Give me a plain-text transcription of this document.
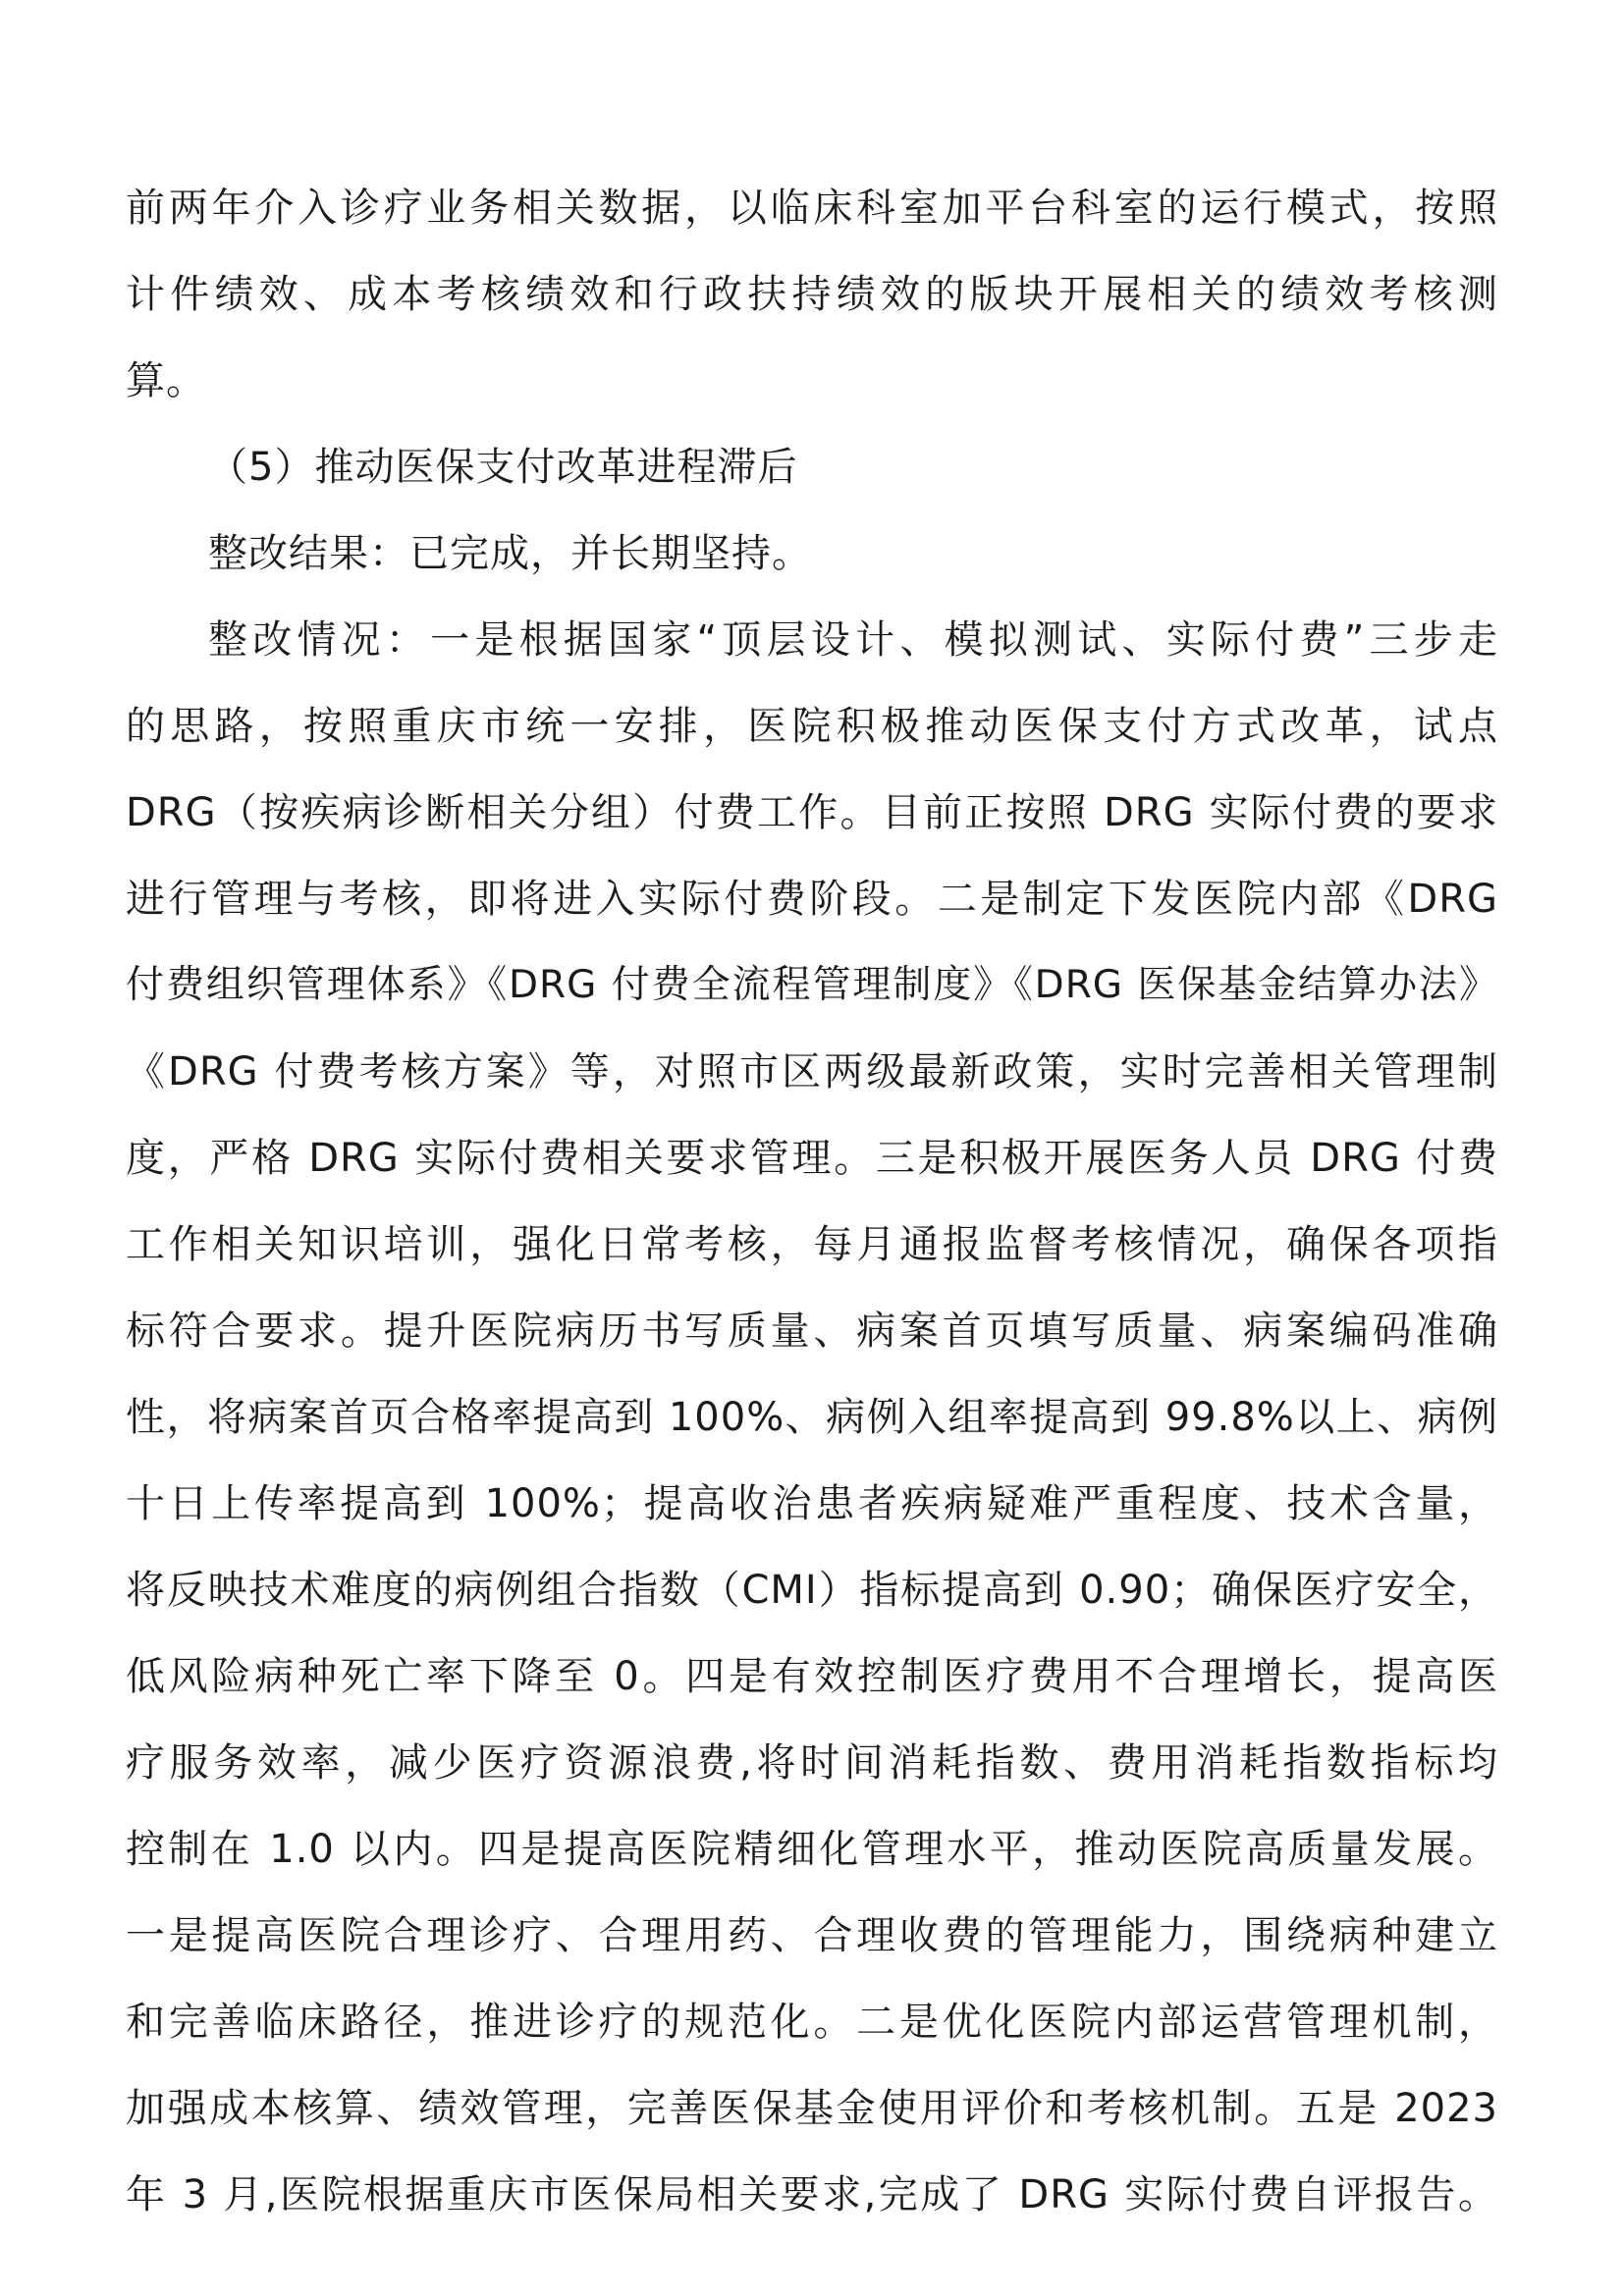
前两年介入诊疗业务相关数据，以临床科室加平台科室的运行模式，按照
计件绩效、成本考核绩效和行政扶持绩效的版块开展相关的绩效考核测
算。
（5）推动医保支付改革进程滞后
整改结果：已完成，并长期坚持。
整改情况：一是根据国家“顶层设计、模拟测试、实际付费”三步走
的思路，按照重庆市统一安排，医院积极推动医保支付方式改革，试点
DRG（按疾病诊断相关分组）付费工作。目前正按照 DRG 实际付费的要求
进行管理与考核，即将进入实际付费阶段。二是制定下发医院内部《DRG
付费组织管理体系》《DRG 付费全流程管理制度》《DRG 医保基金结算办法》
《DRG 付费考核方案》等，对照市区两级最新政策，实时完善相关管理制
度，严格 DRG 实际付费相关要求管理。三是积极开展医务人员 DRG 付费
工作相关知识培训，强化日常考核，每月通报监督考核情况，确保各项指
标符合要求。提升医院病历书写质量、病案首页填写质量、病案编码准确
性，将病案首页合格率提高到 100%、病例入组率提高到 99.8%以上、病例
十日上传率提高到 100%；提高收治患者疾病疑难严重程度、技术含量，
将反映技术难度的病例组合指数（CMI）指标提高到 0.90；确保医疗安全，
低风险病种死亡率下降至 0。四是有效控制医疗费用不合理增长，提高医
疗服务效率，减少医疗资源浪费,将时间消耗指数、费用消耗指数指标均
控制在 1.0 以内。四是提高医院精细化管理水平，推动医院高质量发展。
一是提高医院合理诊疗、合理用药、合理收费的管理能力，围绕病种建立
和完善临床路径，推进诊疗的规范化。二是优化医院内部运营管理机制，
加强成本核算、绩效管理，完善医保基金使用评价和考核机制。五是 2023
年 3 月,医院根据重庆市医保局相关要求,完成了 DRG 实际付费自评报告。
